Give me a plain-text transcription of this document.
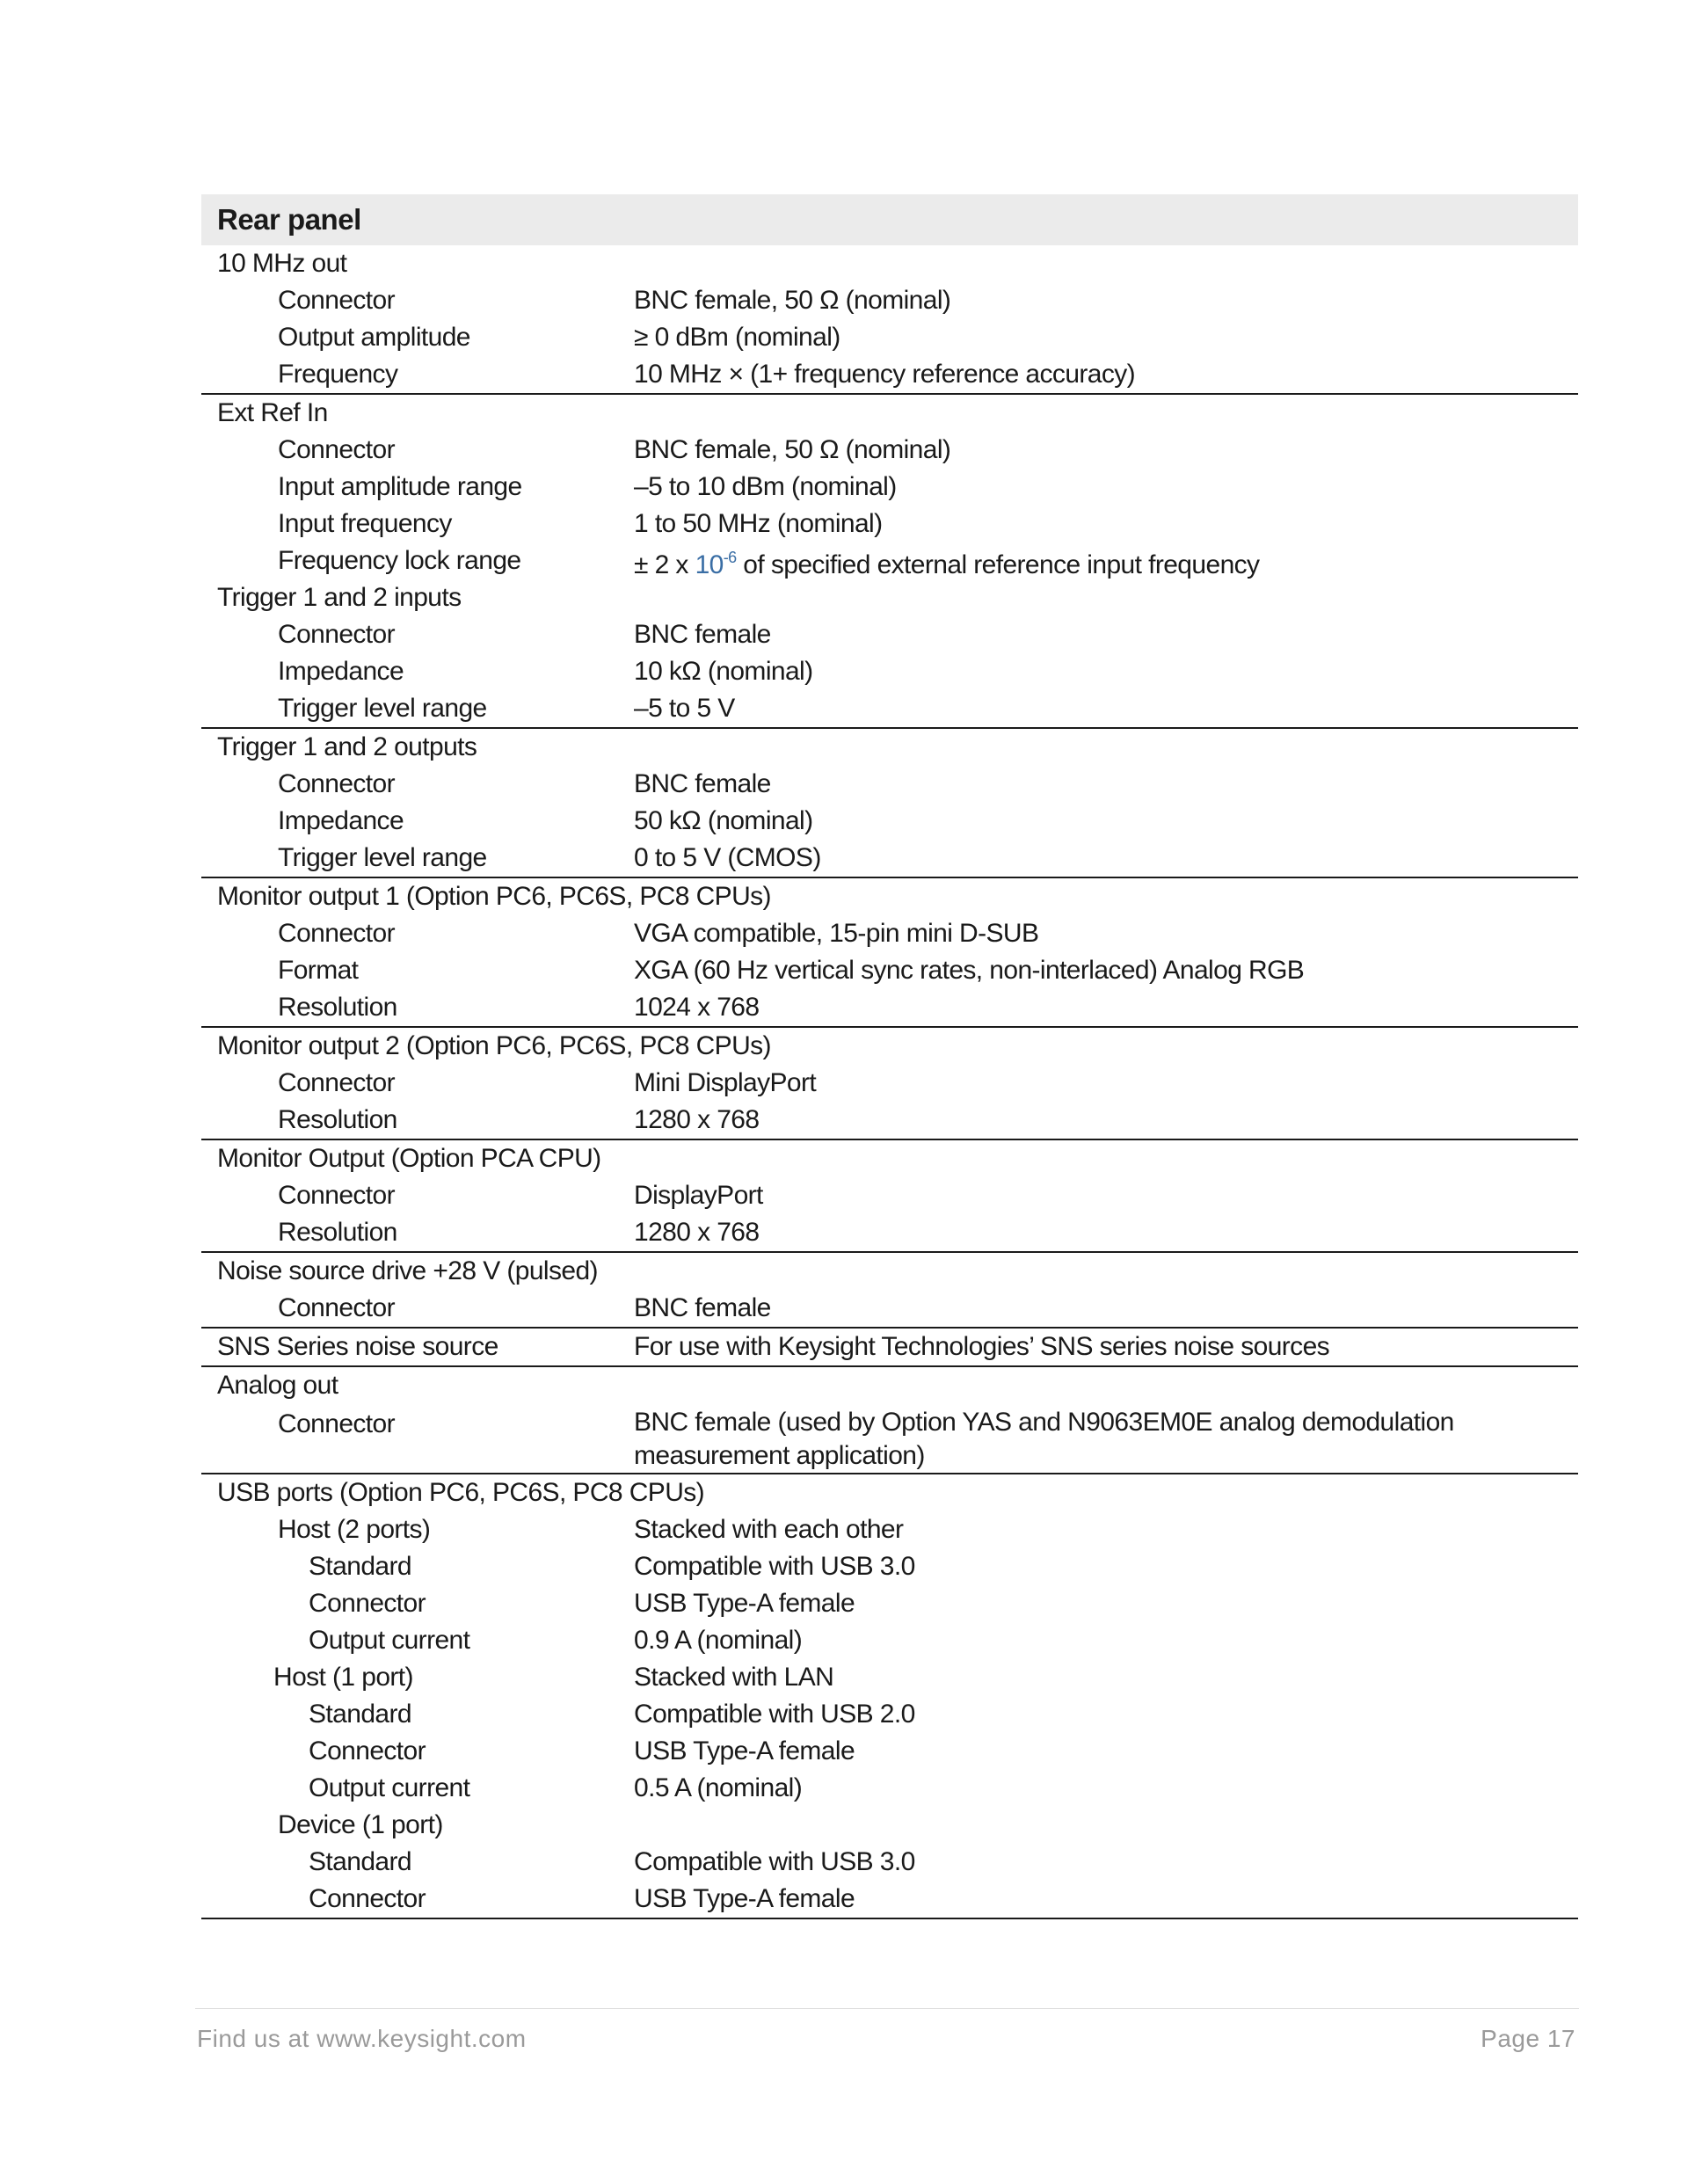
Rear panel
10 MHz out
Connector	BNC female, 50 Ω (nominal)
Output amplitude	≥ 0 dBm (nominal)
Frequency	10 MHz × (1+ frequency reference accuracy)
Ext Ref In
Connector	BNC female, 50 Ω (nominal)
Input amplitude range	–5 to 10 dBm (nominal)
Input frequency	1 to 50 MHz (nominal)
Frequency lock range	± 2 x $10^{-6}$ of specified external reference input frequency
Trigger 1 and 2 inputs
Connector	BNC female
Impedance	10 kΩ (nominal)
Trigger level range	–5 to 5 V
Trigger 1 and 2 outputs
Connector	BNC female
Impedance	50 kΩ (nominal)
Trigger level range	0 to 5 V (CMOS)
Monitor output 1 (Option PC6, PC6S, PC8 CPUs)
Connector	VGA compatible, 15-pin mini D-SUB
Format	XGA (60 Hz vertical sync rates, non-interlaced) Analog RGB
Resolution	1024 x 768
Monitor output 2 (Option PC6, PC6S, PC8 CPUs)
Connector	Mini DisplayPort
Resolution	1280 x 768
Monitor Output (Option PCA CPU)
Connector	DisplayPort
Resolution	1280 x 768
Noise source drive +28 V (pulsed)
Connector	BNC female
SNS Series noise source	For use with Keysight Technologies’ SNS series noise sources
Analog out
Connector	BNC female (used by Option YAS and N9063EM0E analog demodulation measurement application)
USB ports (Option PC6, PC6S, PC8 CPUs)
Host (2 ports)	Stacked with each other
Standard	Compatible with USB 3.0
Connector	USB Type-A female
Output current	0.9 A (nominal)
Host (1 port)	Stacked with LAN
Standard	Compatible with USB 2.0
Connector	USB Type-A female
Output current	0.5 A (nominal)
Device (1 port)
Standard	Compatible with USB 3.0
Connector	USB Type-A female
Find us at www.keysight.com	Page 17
